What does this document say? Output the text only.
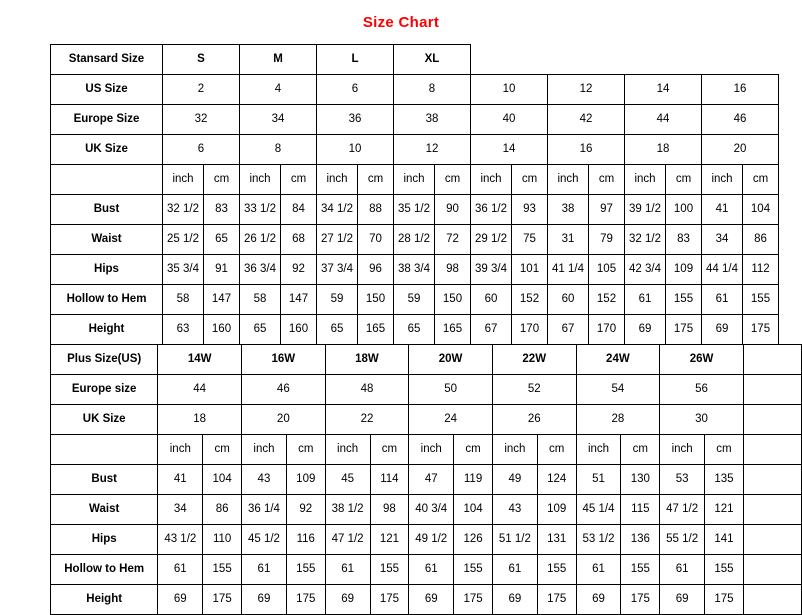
Size Chart
Stansard Size	S		M		L		XL									
US Size	2		4		6		8		10		12		14		16	
Europe Size	32		34		36		38		40		42		44		46	
UK Size	6		8		10		12		14		16		18		20	
	inch	cm	inch	cm	inch	cm	inch	cm	inch	cm	inch	cm	inch	cm	inch	cm
Bust	32 1/2	83	33 1/2	84	34 1/2	88	35 1/2	90	36 1/2	93	38	97	39 1/2	100	41	104
Waist	25 1/2	65	26 1/2	68	27 1/2	70	28 1/2	72	29 1/2	75	31	79	32 1/2	83	34	86
Hips	35 3/4	91	36 3/4	92	37 3/4	96	38 3/4	98	39 3/4	101	41 1/4	105	42 3/4	109	44 1/4	112
Hollow to Hem	58	147	58	147	59	150	59	150	60	152	60	152	61	155	61	155
Height	63	160	65	160	65	165	65	165	67	170	67	170	69	175	69	175
Plus Size(US)	14W		16W		18W		20W		22W		24W		26W		
Europe size	44		46		48		50		52		54		56		
UK Size	18		20		22		24		26		28		30		
	inch	cm	inch	cm	inch	cm	inch	cm	inch	cm	inch	cm	inch	cm	
Bust	41	104	43	109	45	114	47	119	49	124	51	130	53	135	
Waist	34	86	36 1/4	92	38 1/2	98	40 3/4	104	43	109	45 1/4	115	47 1/2	121	
Hips	43 1/2	110	45 1/2	116	47 1/2	121	49 1/2	126	51 1/2	131	53 1/2	136	55 1/2	141	
Hollow to Hem	61	155	61	155	61	155	61	155	61	155	61	155	61	155	
Height	69	175	69	175	69	175	69	175	69	175	69	175	69	175	
